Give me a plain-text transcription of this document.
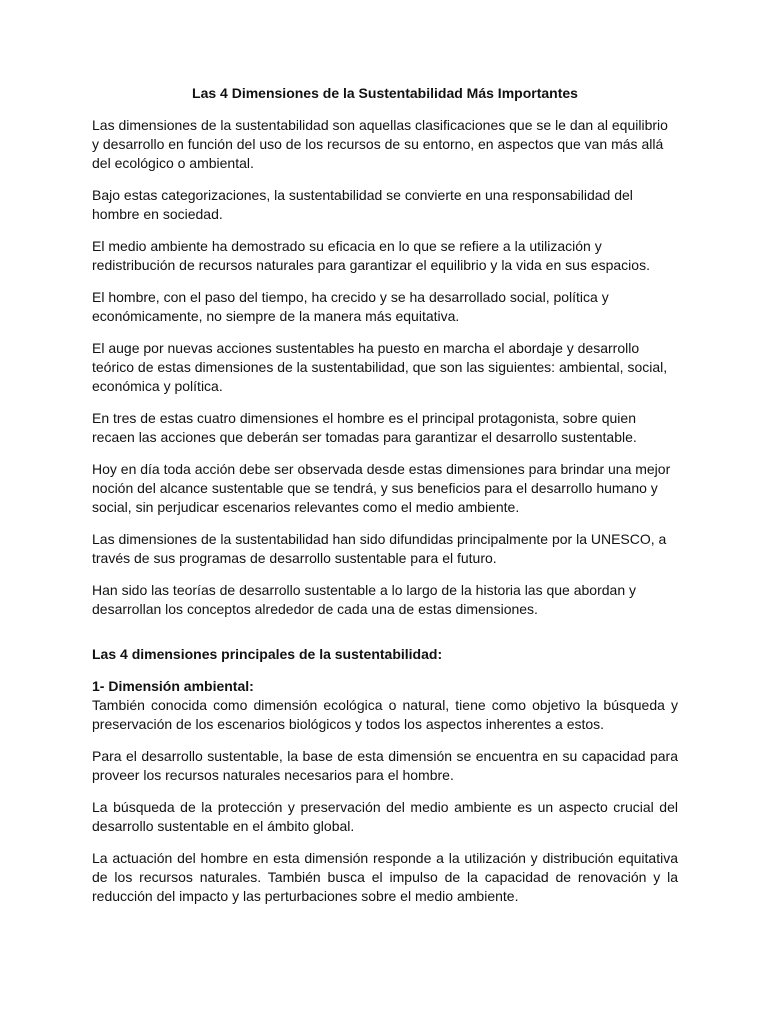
Las 4 Dimensiones de la Sustentabilidad Más Importantes

Las dimensiones de la sustentabilidad son aquellas clasificaciones que se le dan al equilibrio y desarrollo en función del uso de los recursos de su entorno, en aspectos que van más allá del ecológico o ambiental.

Bajo estas categorizaciones, la sustentabilidad se convierte en una responsabilidad del hombre en sociedad.

El medio ambiente ha demostrado su eficacia en lo que se refiere a la utilización y redistribución de recursos naturales para garantizar el equilibrio y la vida en sus espacios.

El hombre, con el paso del tiempo, ha crecido y se ha desarrollado social, política y económicamente, no siempre de la manera más equitativa.

El auge por nuevas acciones sustentables ha puesto en marcha el abordaje y desarrollo teórico de estas dimensiones de la sustentabilidad, que son las siguientes: ambiental, social, económica y política.

En tres de estas cuatro dimensiones el hombre es el principal protagonista, sobre quien recaen las acciones que deberán ser tomadas para garantizar el desarrollo sustentable.

Hoy en día toda acción debe ser observada desde estas dimensiones para brindar una mejor noción del alcance sustentable que se tendrá, y sus beneficios para el desarrollo humano y social, sin perjudicar escenarios relevantes como el medio ambiente.

Las dimensiones de la sustentabilidad han sido difundidas principalmente por la UNESCO, a través de sus programas de desarrollo sustentable para el futuro.

Han sido las teorías de desarrollo sustentable a lo largo de la historia las que abordan y desarrollan los conceptos alrededor de cada una de estas dimensiones.

Las 4 dimensiones principales de la sustentabilidad:
1- Dimensión ambiental:

También conocida como dimensión ecológica o natural, tiene como objetivo la búsqueda y preservación de los escenarios biológicos y todos los aspectos inherentes a estos.

Para el desarrollo sustentable, la base de esta dimensión se encuentra en su capacidad para proveer los recursos naturales necesarios para el hombre.

La búsqueda de la protección y preservación del medio ambiente es un aspecto crucial del desarrollo sustentable en el ámbito global.

La actuación del hombre en esta dimensión responde a la utilización y distribución equitativa de los recursos naturales. También busca el impulso de la capacidad de renovación y la reducción del impacto y las perturbaciones sobre el medio ambiente.
